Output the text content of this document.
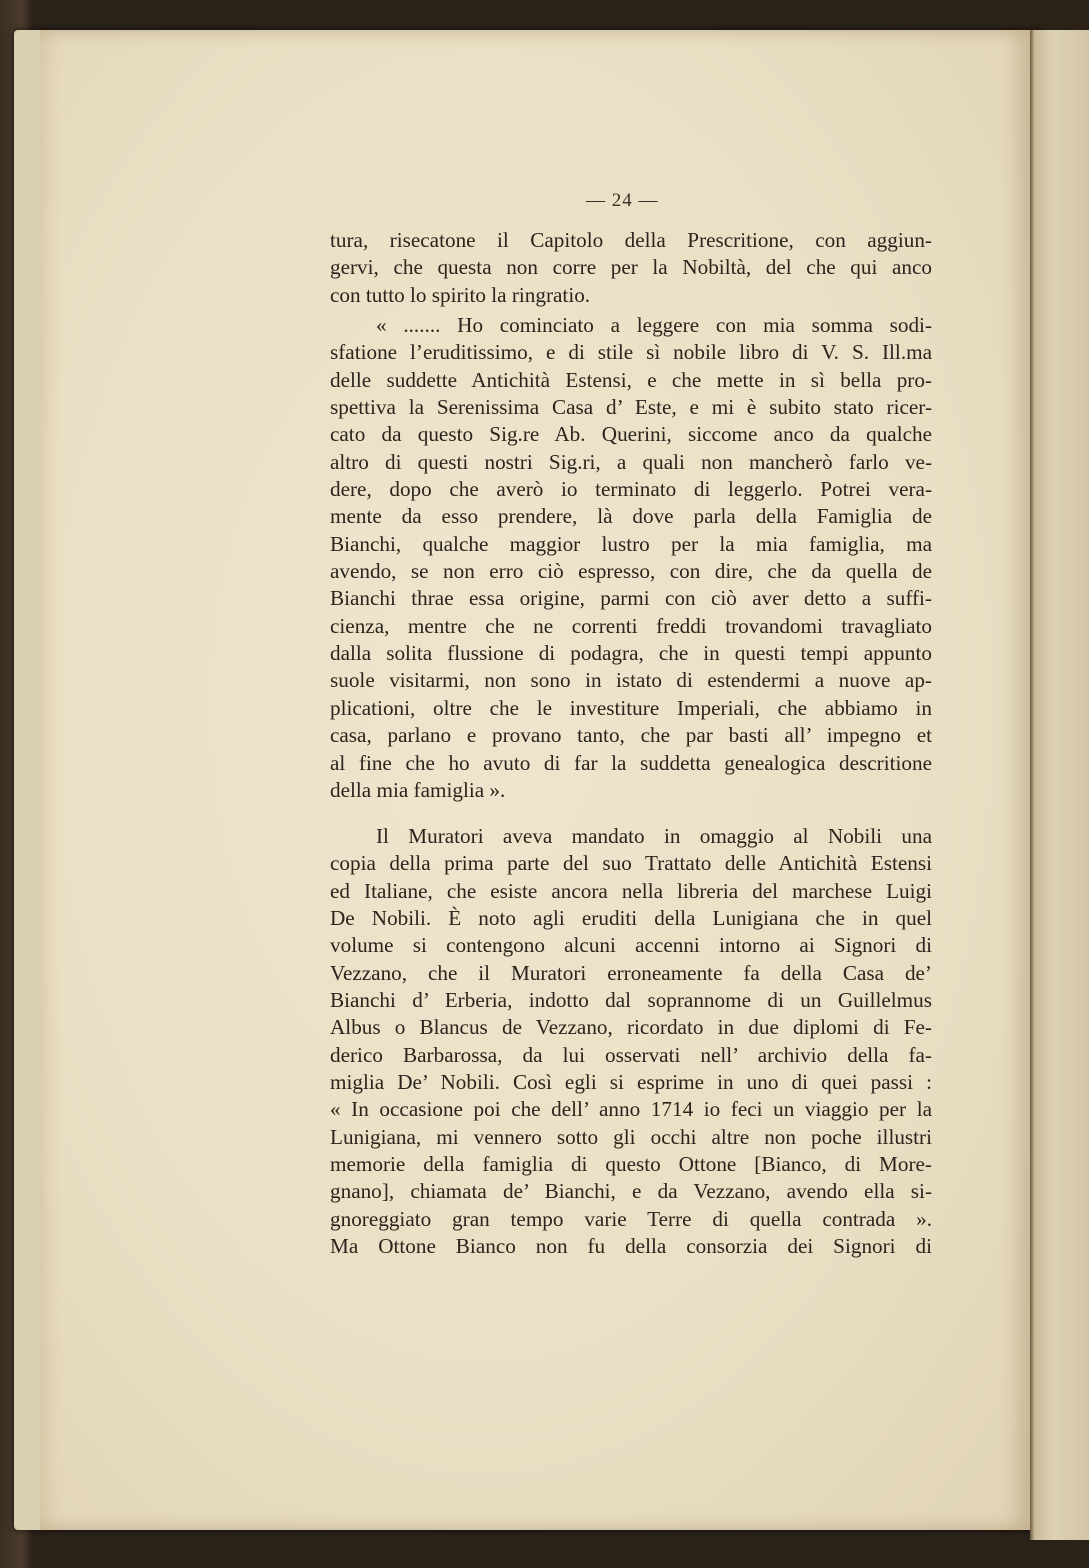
— 24 —
tura, risecatone il Capitolo della Prescritione, con aggiun-
gervi, che questa non corre per la Nobiltà, del che qui anco
con tutto lo spirito la ringratio.
« ....... Ho cominciato a leggere con mia somma sodi-
sfatione l’eruditissimo, e di stile sì nobile libro di V. S. Ill.ma
delle suddette Antichità Estensi, e che mette in sì bella pro-
spettiva la Serenissima Casa d’ Este, e mi è subito stato ricer-
cato da questo Sig.re Ab. Querini, siccome anco da qualche
altro di questi nostri Sig.ri, a quali non mancherò farlo ve-
dere, dopo che averò io terminato di leggerlo. Potrei vera-
mente da esso prendere, là dove parla della Famiglia de
Bianchi, qualche maggior lustro per la mia famiglia, ma
avendo, se non erro ciò espresso, con dire, che da quella de
Bianchi thrae essa origine, parmi con ciò aver detto a suffi-
cienza, mentre che ne correnti freddi trovandomi travagliato
dalla solita flussione di podagra, che in questi tempi appunto
suole visitarmi, non sono in istato di estendermi a nuove ap-
plicationi, oltre che le investiture Imperiali, che abbiamo in
casa, parlano e provano tanto, che par basti all’ impegno et
al fine che ho avuto di far la suddetta genealogica descritione
della mia famiglia ».
Il Muratori aveva mandato in omaggio al Nobili una
copia della prima parte del suo Trattato delle Antichità Estensi
ed Italiane, che esiste ancora nella libreria del marchese Luigi
De Nobili. È noto agli eruditi della Lunigiana che in quel
volume si contengono alcuni accenni intorno ai Signori di
Vezzano, che il Muratori erroneamente fa della Casa de’
Bianchi d’ Erberia, indotto dal soprannome di un Guillelmus
Albus o Blancus de Vezzano, ricordato in due diplomi di Fe-
derico Barbarossa, da lui osservati nell’ archivio della fa-
miglia De’ Nobili. Così egli si esprime in uno di quei passi :
« In occasione poi che dell’ anno 1714 io feci un viaggio per la
Lunigiana, mi vennero sotto gli occhi altre non poche illustri
memorie della famiglia di questo Ottone [Bianco, di More-
gnano], chiamata de’ Bianchi, e da Vezzano, avendo ella si-
gnoreggiato gran tempo varie Terre di quella contrada ».
Ma Ottone Bianco non fu della consorzia dei Signori di
